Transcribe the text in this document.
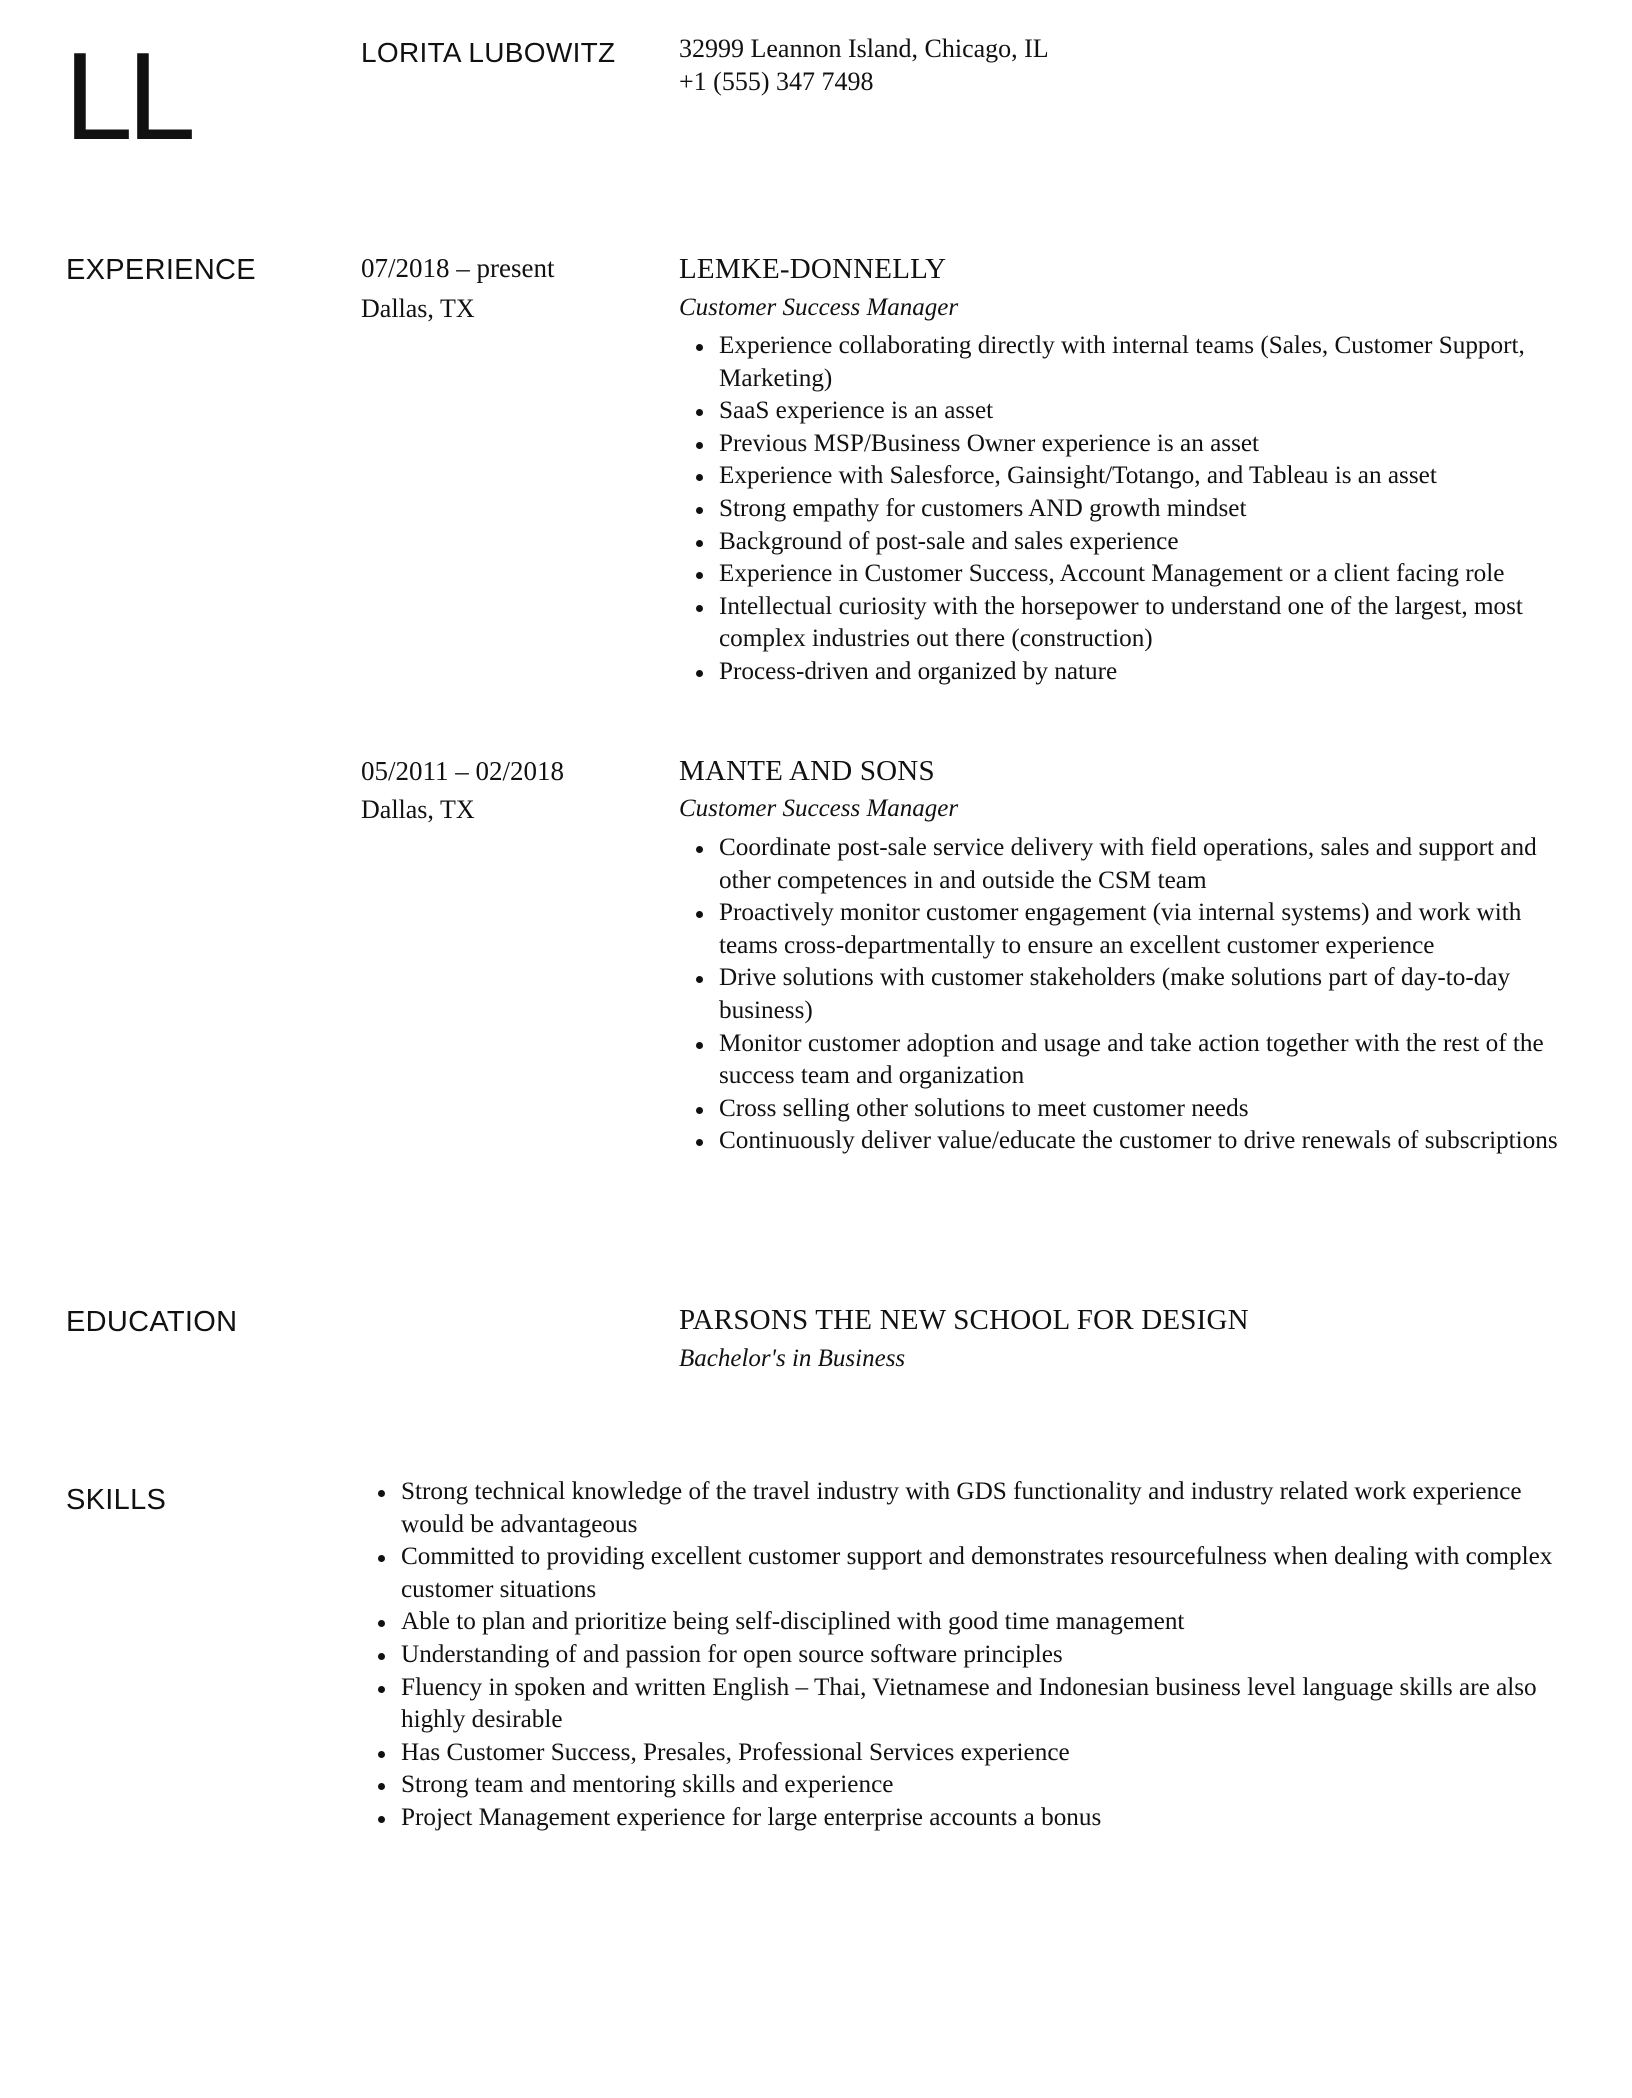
LL	LORITA LUBOWITZ 32999 Leannon Island, Chicago, IL
+1 (555) 347 7498
EXPERIENCE	07/2018 – present
Dallas, TX
LEMKE-DONNELLY
Customer Success Manager
Experience collaborating directly with internal teams (Sales, Customer Support, Marketing)
SaaS experience is an asset
Previous MSP/Business Owner experience is an asset
Experience with Salesforce, Gainsight/Totango, and Tableau is an asset
Strong empathy for customers AND growth mindset
Background of post-sale and sales experience
Experience in Customer Success, Account Management or a client facing role
Intellectual curiosity with the horsepower to understand one of the largest, most complex industries out there (construction)
Process-driven and organized by nature
05/2011 – 02/2018
Dallas, TX
MANTE AND SONS
Customer Success Manager
Coordinate post-sale service delivery with field operations, sales and support and other competences in and outside the CSM team
Proactively monitor customer engagement (via internal systems) and work with teams cross-departmentally to ensure an excellent customer experience
Drive solutions with customer stakeholders (make solutions part of day-to-day business)
Monitor customer adoption and usage and take action together with the rest of the success team and organization
Cross selling other solutions to meet customer needs
Continuously deliver value/educate the customer to drive renewals of subscriptions
EDUCATION	PARSONS THE NEW SCHOOL FOR DESIGN
Bachelor's in Business
SKILLS	Strong technical knowledge of the travel industry with GDS functionality and industry related work experience would be advantageous
Committed to providing excellent customer support and demonstrates resourcefulness when dealing with complex customer situations
Able to plan and prioritize being self-disciplined with good time management
Understanding of and passion for open source software principles
Fluency in spoken and written English – Thai, Vietnamese and Indonesian business level language skills are also highly desirable
Has Customer Success, Presales, Professional Services experience
Strong team and mentoring skills and experience
Project Management experience for large enterprise accounts a bonus
